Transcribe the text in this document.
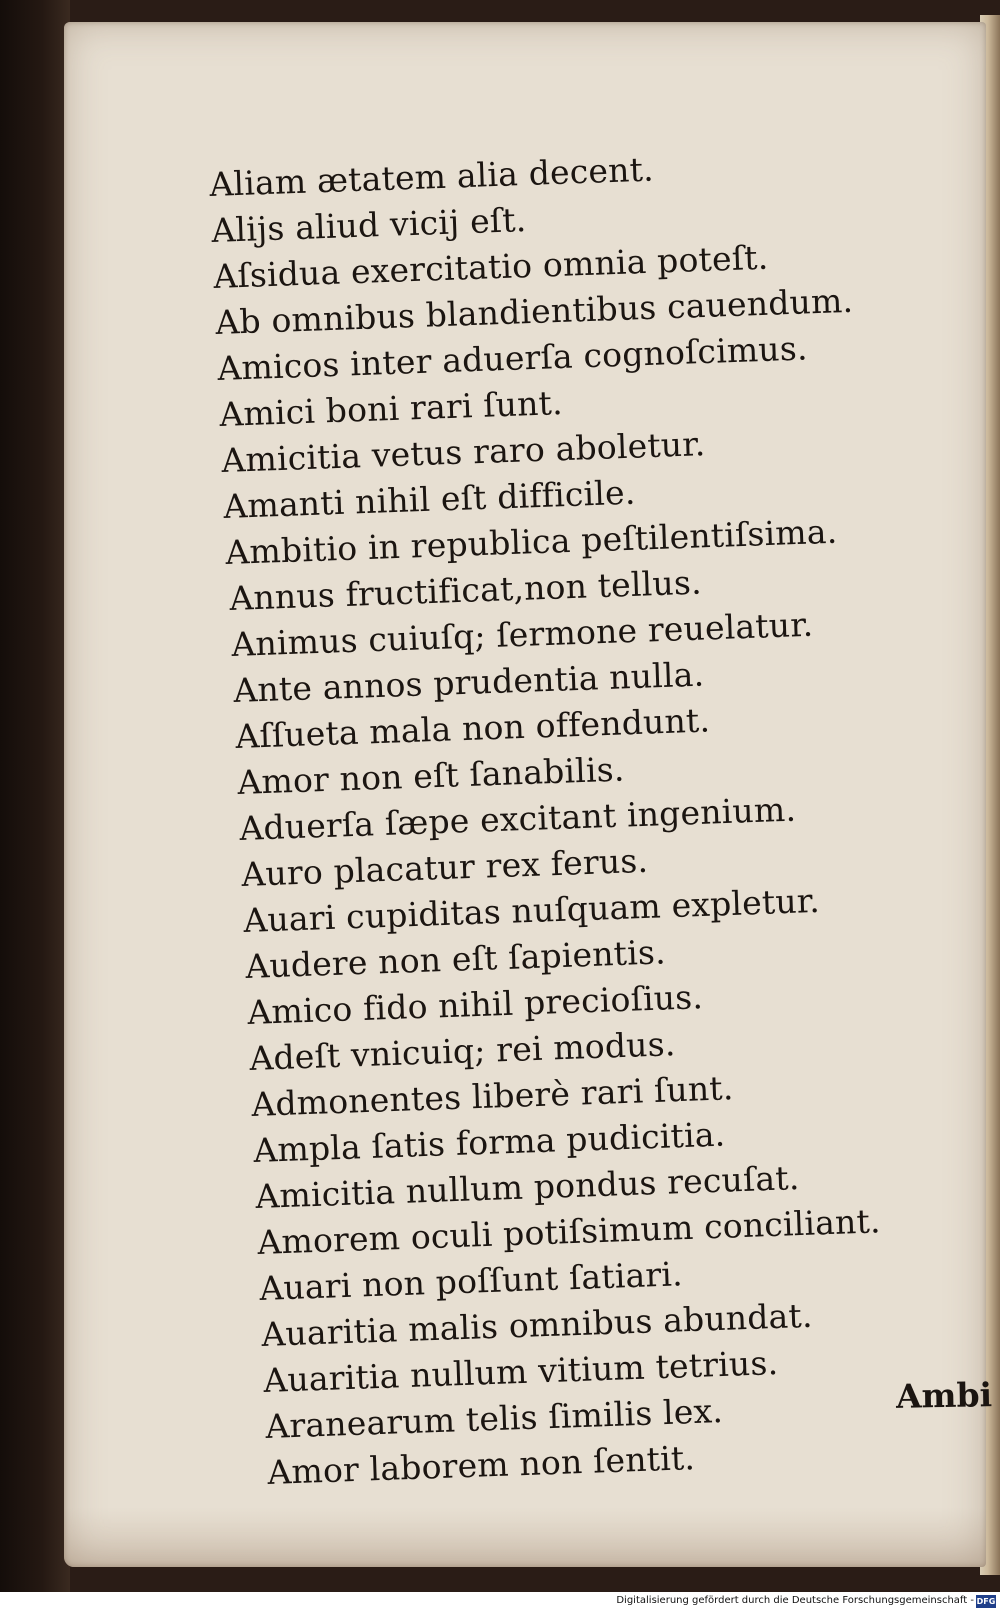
Aliam ætatem alia decent.
Alijs aliud vicij eſt.
Aſsidua exercitatio omnia poteſt.
Ab omnibus blandientibus cauendum.
Amicos inter aduerſa cognoſcimus.
Amici boni rari ſunt.
Amicitia vetus raro aboletur.
Amanti nihil eſt difficile.
Ambitio in republica peſtilentiſsima.
Annus fructificat,non tellus.
Animus cuiuſq; ſermone reuelatur.
Ante annos prudentia nulla.
Aſſueta mala non offendunt.
Amor non eſt ſanabilis.
Aduerſa ſæpe excitant ingenium.
Auro placatur rex ferus.
Auari cupiditas nuſquam expletur.
Audere non eſt ſapientis.
Amico fido nihil precioſius.
Adeſt vnicuiq; rei modus.
Admonentes liberè rari ſunt.
Ampla ſatis forma pudicitia.
Amicitia nullum pondus recuſat.
Amorem oculi potiſsimum conciliant.
Auari non poſſunt ſatiari.
Auaritia malis omnibus abundat.
Auaritia nullum vitium tetrius.
Aranearum telis ſimilis lex.
Amor laborem non ſentit.
Ambi
Digitalisierung gefördert durch die Deutsche Forschungsgemeinschaft - DFG
